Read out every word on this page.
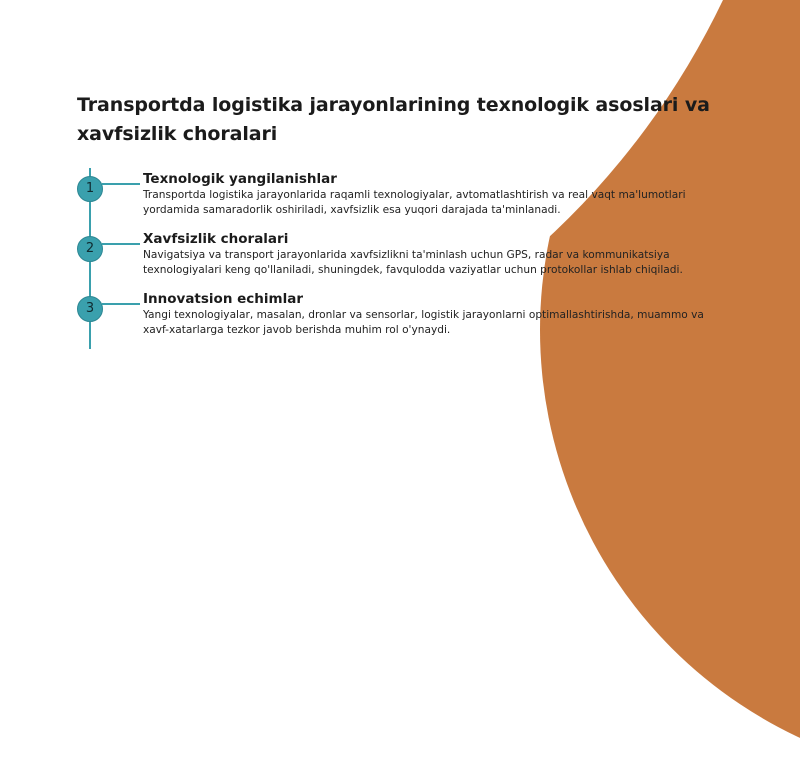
Transportda logistika jarayonlarining texnologik asoslari va xavfsizlik choralari
1
Texnologik yangilanishlar

Transportda logistika jarayonlarida raqamli texnologiyalar, avtomatlashtirish va real vaqt ma'lumotlari yordamida samaradorlik oshiriladi, xavfsizlik esa yuqori darajada ta'minlanadi.

2
Xavfsizlik choralari

Navigatsiya va transport jarayonlarida xavfsizlikni ta'minlash uchun GPS, radar va kommunikatsiya texnologiyalari keng qo'llaniladi, shuningdek, favqulodda vaziyatlar uchun protokollar ishlab chiqiladi.

3
Innovatsion echimlar

Yangi texnologiyalar, masalan, dronlar va sensorlar, logistik jarayonlarni optimallashtirishda, muammo va xavf-xatarlarga tezkor javob berishda muhim rol o'ynaydi.
